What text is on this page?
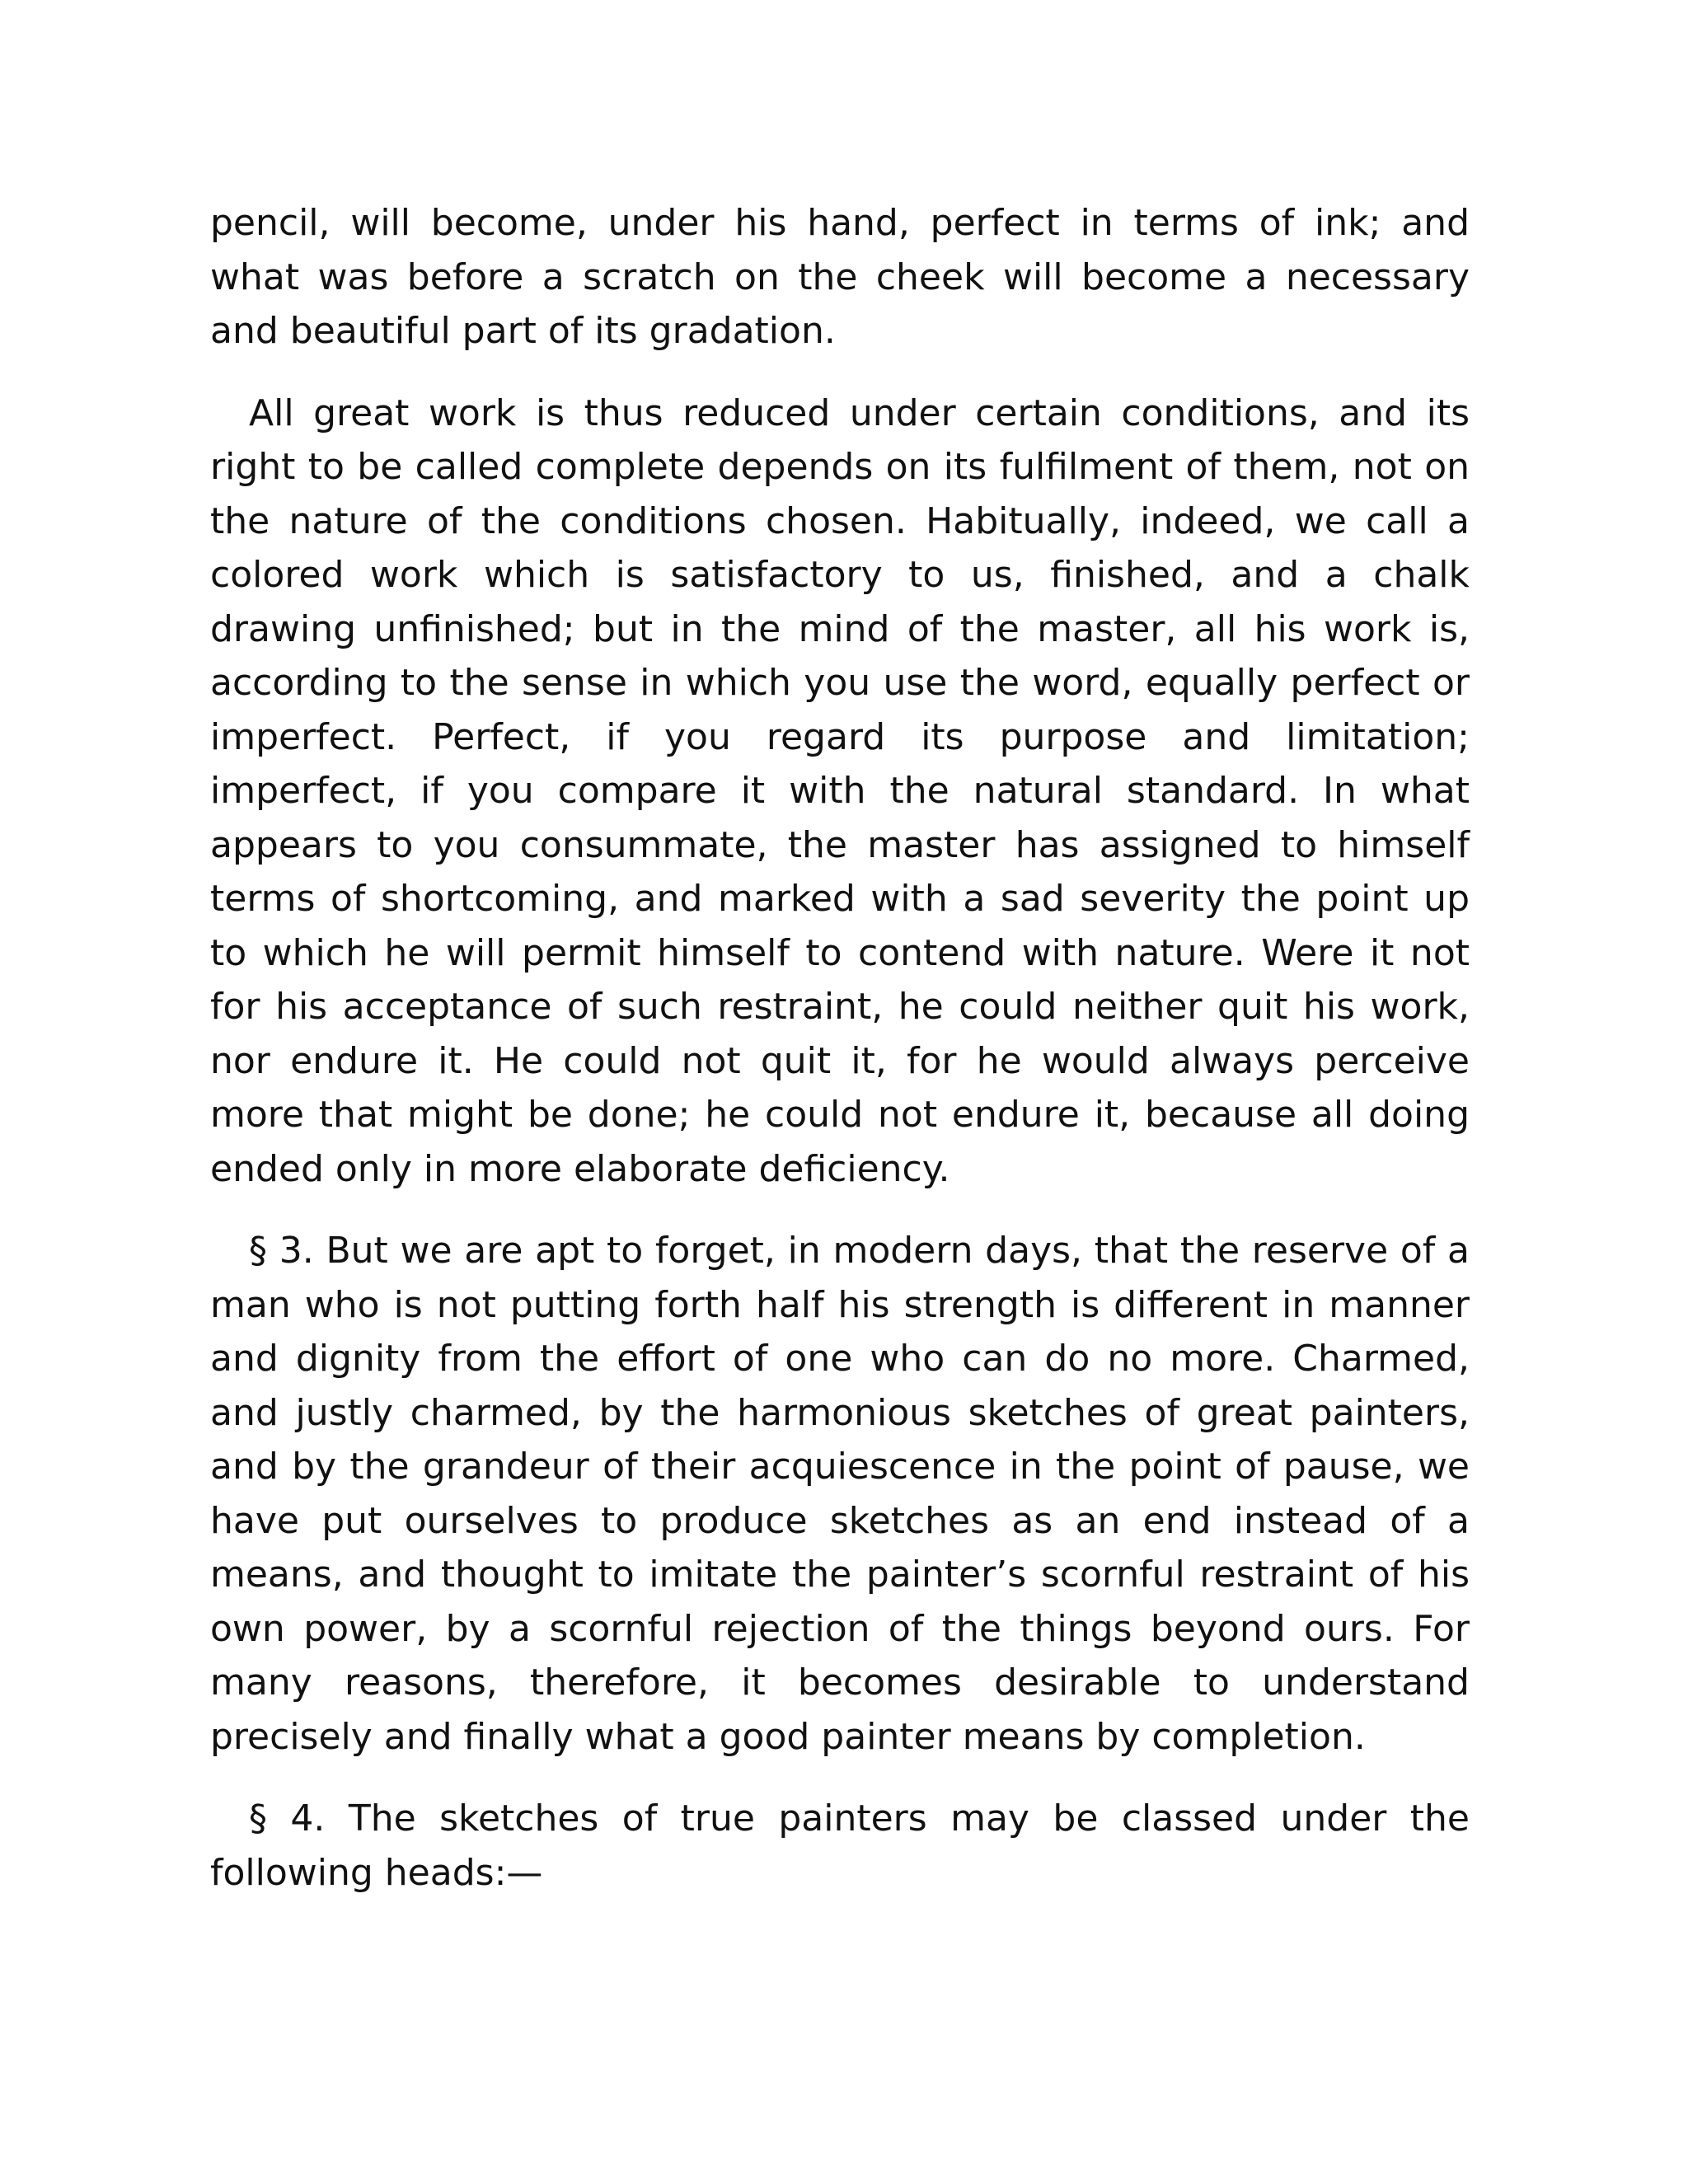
pencil, will become, under his hand, perfect in terms of ink; and what was before a scratch on the cheek will become a necessary and beautiful part of its gradation.

All great work is thus reduced under certain conditions, and its right to be called complete depends on its fulfilment of them, not on the nature of the conditions chosen. Habitually, indeed, we call a colored work which is satisfactory to us, finished, and a chalk drawing unfinished; but in the mind of the master, all his work is, according to the sense in which you use the word, equally perfect or imperfect. Perfect, if you regard its purpose and limitation; imperfect, if you compare it with the natural standard. In what appears to you consummate, the master has assigned to himself terms of shortcoming, and marked with a sad severity the point up to which he will permit himself to contend with nature. Were it not for his acceptance of such restraint, he could neither quit his work, nor endure it. He could not quit it, for he would always perceive more that might be done; he could not endure it, because all doing ended only in more elaborate deficiency.

§ 3. But we are apt to forget, in modern days, that the reserve of a man who is not putting forth half his strength is different in manner and dignity from the effort of one who can do no more. Charmed, and justly charmed, by the harmonious sketches of great painters, and by the grandeur of their acquiescence in the point of pause, we have put ourselves to produce sketches as an end instead of a means, and thought to imitate the painter’s scornful restraint of his own power, by a scornful rejection of the things beyond ours. For many reasons, therefore, it becomes desirable to understand precisely and finally what a good painter means by completion.

§ 4. The sketches of true painters may be classed under the following heads:—
